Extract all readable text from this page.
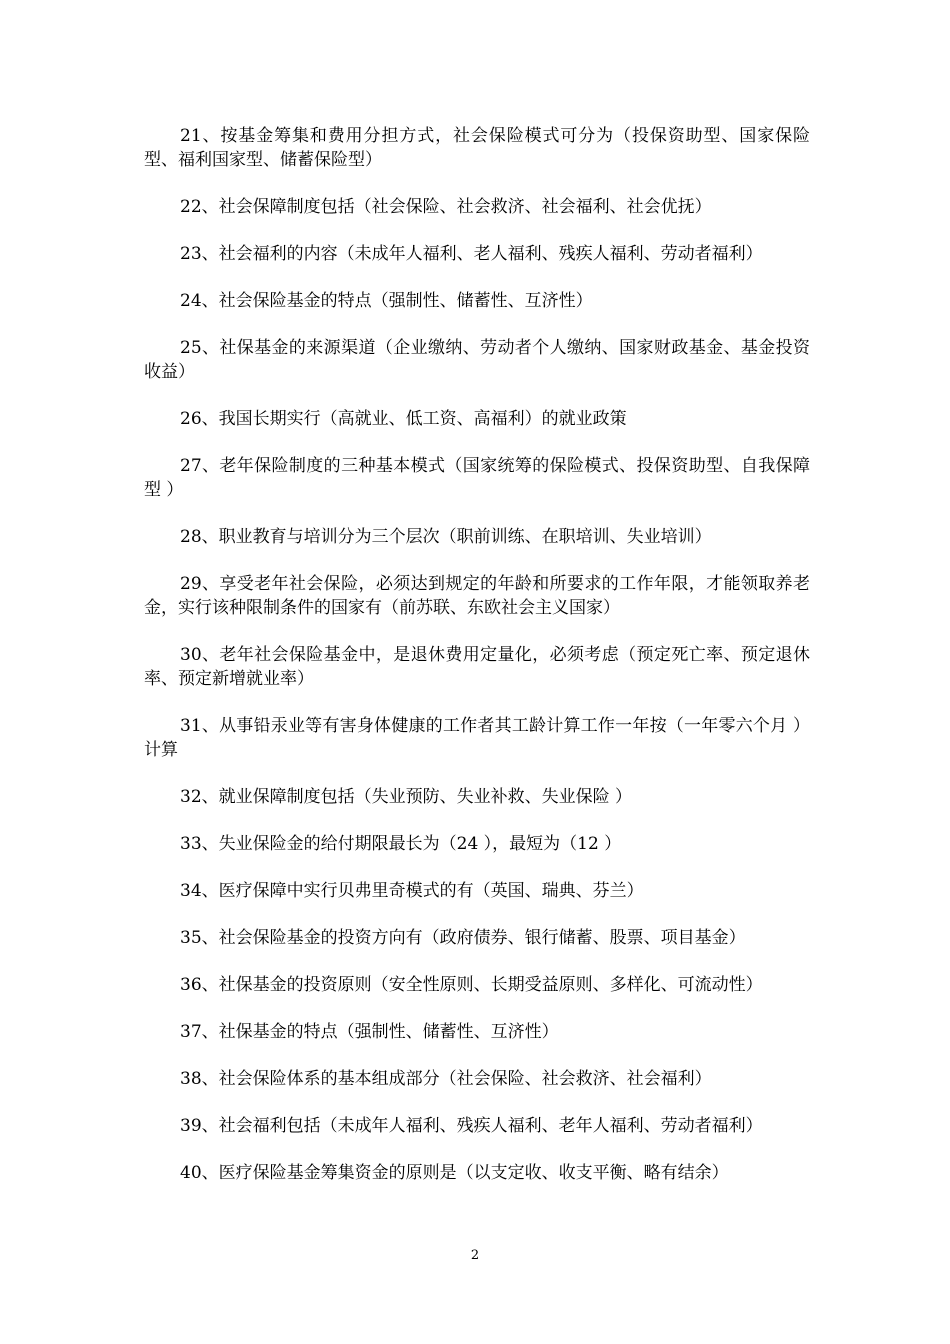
21、按基金筹集和费用分担方式，社会保险模式可分为（投保资助型、国家保险型、福利国家型、储蓄保险型）

22、社会保障制度包括（社会保险、社会救济、社会福利、社会优抚）

23、社会福利的内容（未成年人福利、老人福利、残疾人福利、劳动者福利）

24、社会保险基金的特点（强制性、储蓄性、互济性）

25、社保基金的来源渠道（企业缴纳、劳动者个人缴纳、国家财政基金、基金投资收益）

26、我国长期实行（高就业、低工资、高福利）的就业政策

27、老年保险制度的三种基本模式（国家统筹的保险模式、投保资助型、自我保障型 ）

28、职业教育与培训分为三个层次（职前训练、在职培训、失业培训）

29、享受老年社会保险，必须达到规定的年龄和所要求的工作年限，才能领取养老金，实行该种限制条件的国家有（前苏联、东欧社会主义国家）

30、老年社会保险基金中，是退休费用定量化，必须考虑（预定死亡率、预定退休率、预定新增就业率）

31、从事铅汞业等有害身体健康的工作者其工龄计算工作一年按（一年零六个月 ）计算

32、就业保障制度包括（失业预防、失业补救、失业保险 ）

33、失业保险金的给付期限最长为（24 ），最短为（12 ）

34、医疗保障中实行贝弗里奇模式的有（英国、瑞典、芬兰）

35、社会保险基金的投资方向有（政府债券、银行储蓄、股票、项目基金）

36、社保基金的投资原则（安全性原则、长期受益原则、多样化、可流动性）

37、社保基金的特点（强制性、储蓄性、互济性）

38、社会保险体系的基本组成部分（社会保险、社会救济、社会福利）

39、社会福利包括（未成年人福利、残疾人福利、老年人福利、劳动者福利）

40、医疗保险基金筹集资金的原则是（以支定收、收支平衡、略有结余）

2
